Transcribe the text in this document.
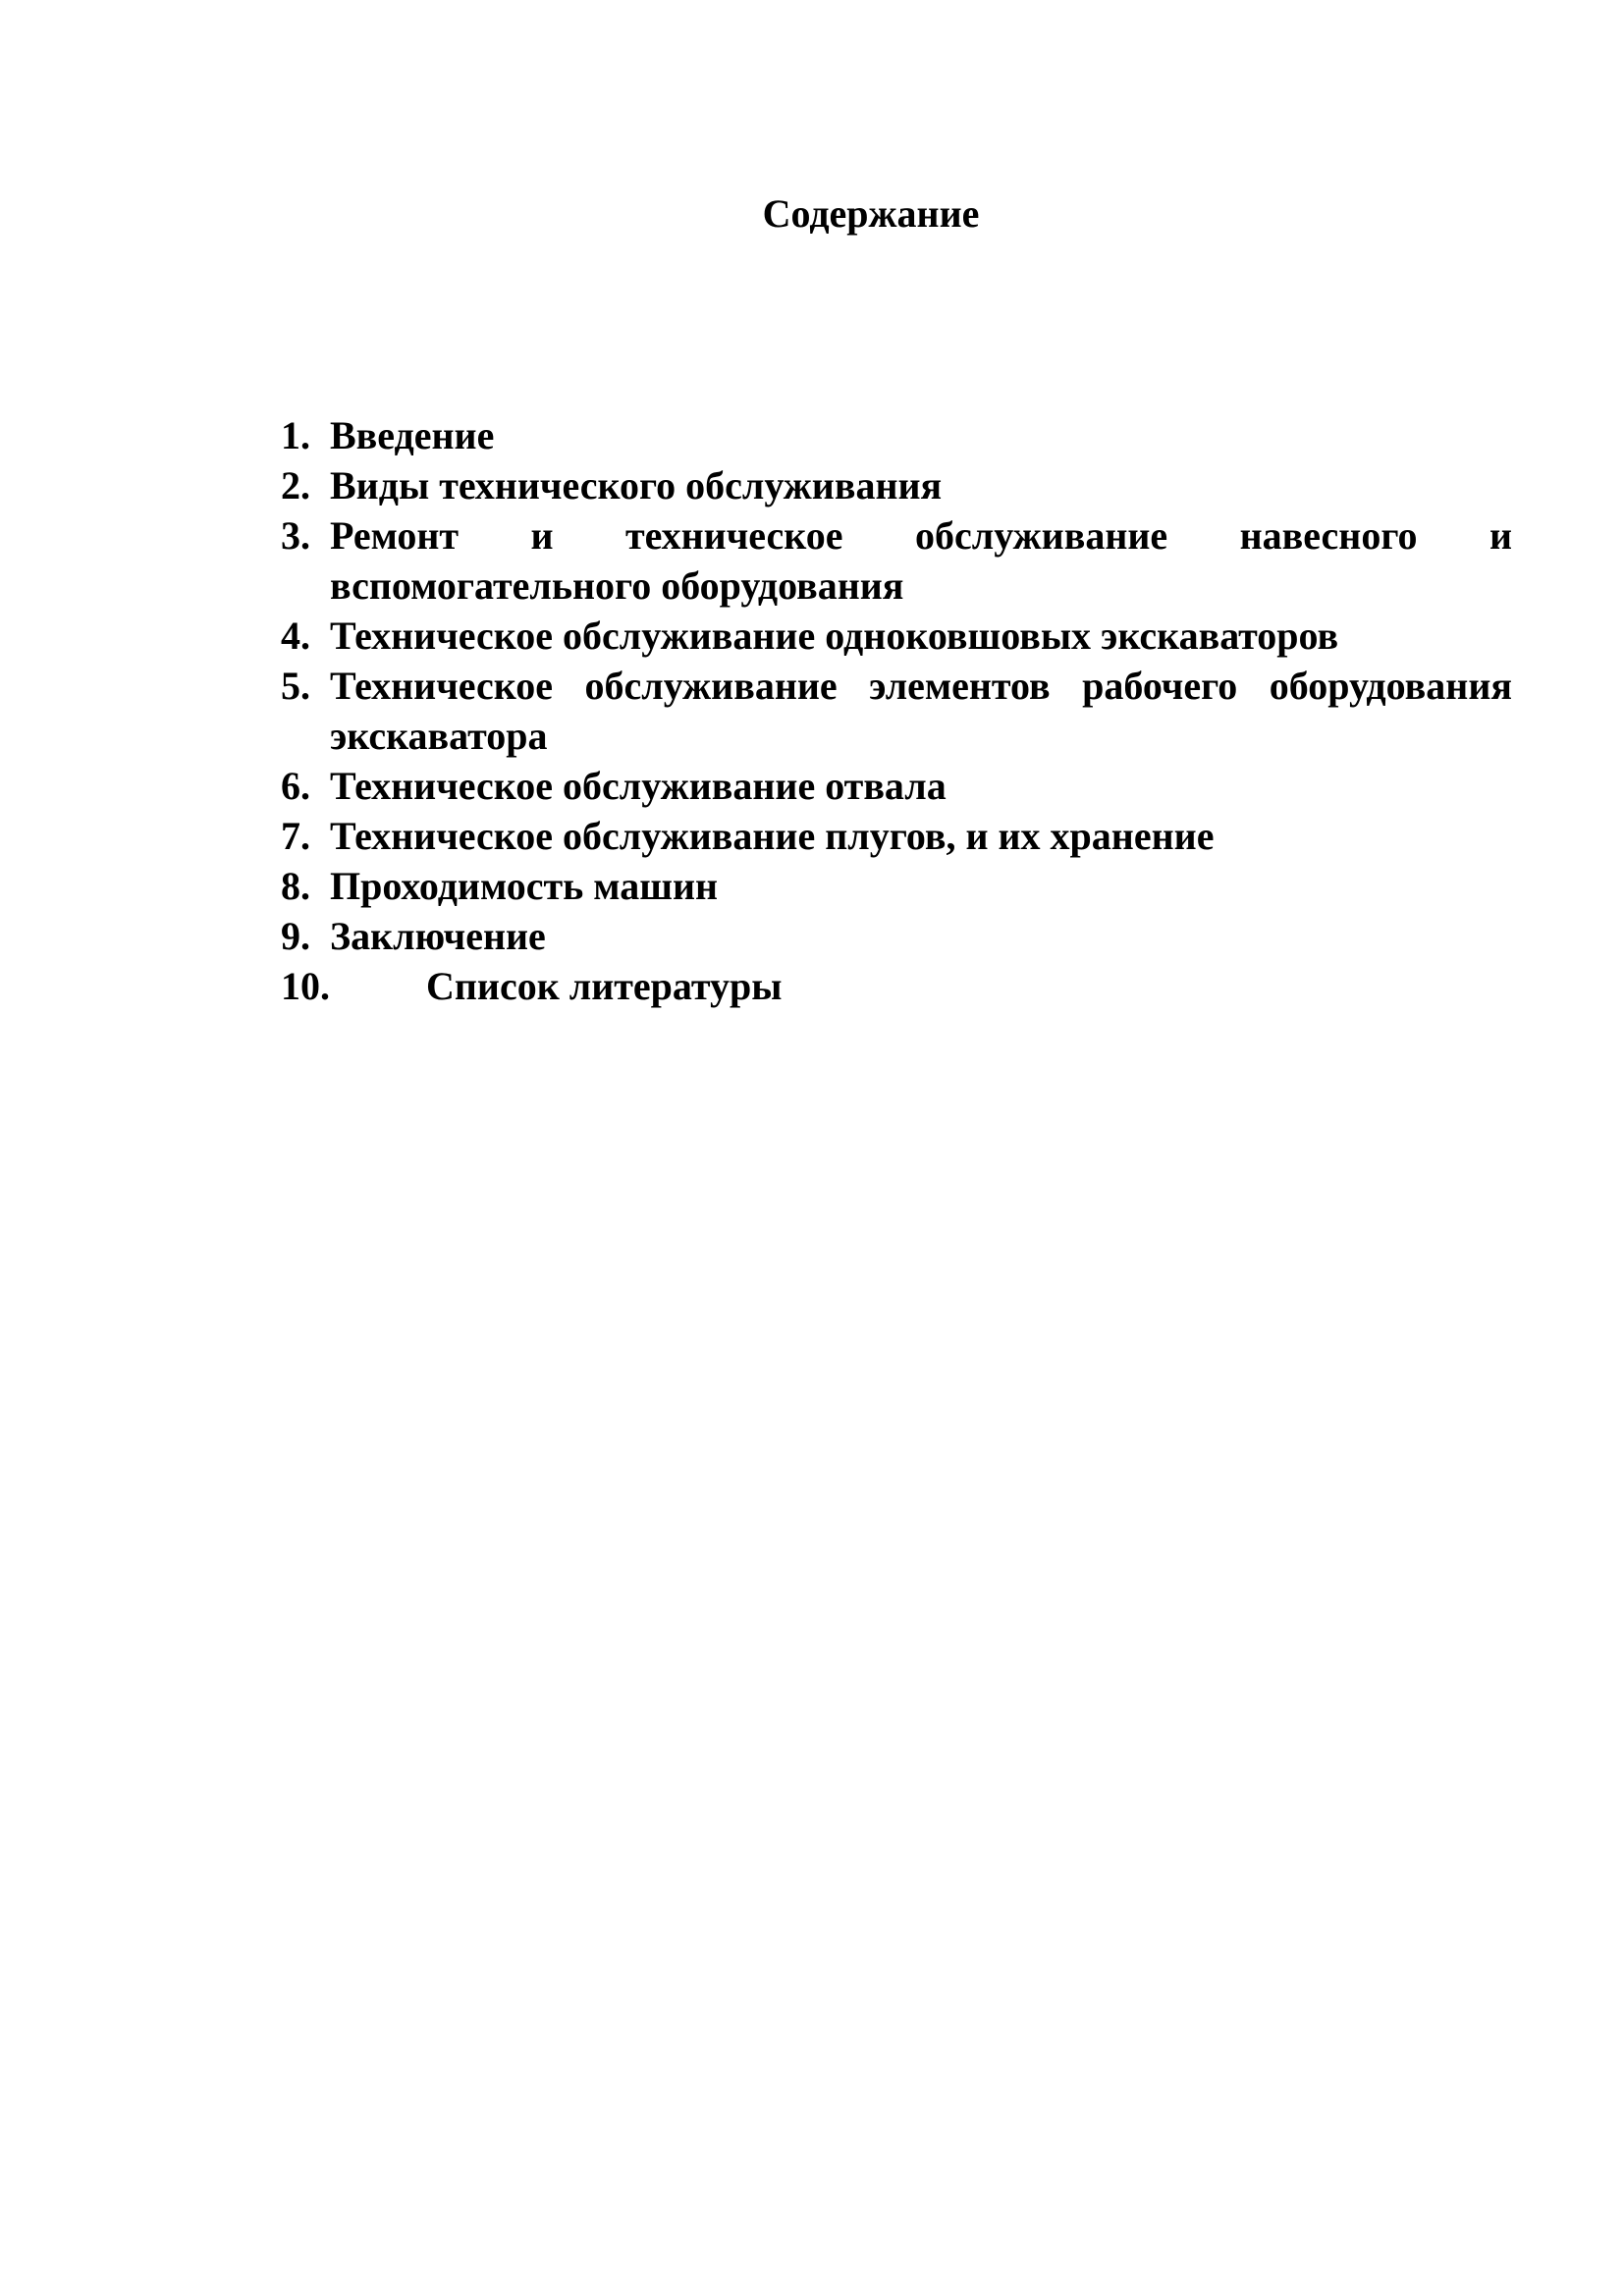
Содержание
1. Введение
2. Виды технического обслуживания
3. Ремонт и техническое обслуживание навесного и вспомогательного оборудования
4. Техническое обслуживание одноковшовых экскаваторов
5. Техническое обслуживание элементов рабочего оборудования экскаватора
6. Техническое обслуживание отвала
7. Техническое обслуживание плугов, и их хранение
8. Проходимость машин
9. Заключение
10. Список литературы
